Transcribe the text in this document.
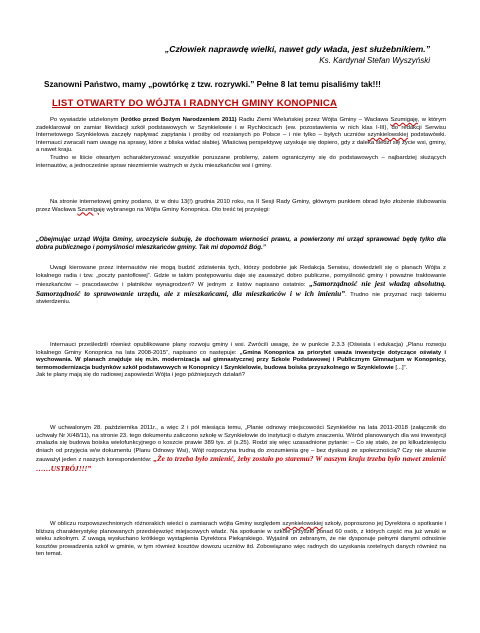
„Człowiek naprawdę wielki, nawet gdy włada, jest służebnikiem.”
Ks. Kardynał Stefan Wyszyński
Szanowni Państwo, mamy „powtórkę z tzw. rozrywki.” Pełne 8 lat temu pisaliśmy tak!!!
LIST OTWARTY DO WÓJTA I RADNYCH GMINY KONOPNICA

Po wywiadzie udzielonym (krótko przed Bożym Narodzeniem 2011) Radiu Ziemi Wieluńskiej przez Wójta Gminy – Wacława Szumigaję, w którym zadeklarował on zamiar likwidacji szkół podstawowych w Szynkielowie i w Rychłocicach (ew. pozostawienia w nich klas I-III), do redakcji Serwisu Internetowego Szynkielowa zaczęły napływać zapytania i prośby od rozsianych po Polsce – i nie tylko – byłych uczniów szynkielowskiej podstawówki. Internauci zwracali nam uwagę na sprawy, które z bliska widać słabiej. Właściwą perspektywę uzyskuje się dopiero, gdy z daleka śledzi się życie wsi, gminy, a nawet kraju.

Trudno w liście otwartym scharakteryzować wszystkie poruszane problemy, zatem ograniczymy się do podstawowych – najbardziej służących internautów, a jednocześnie spraw niezmiernie ważnych w życiu mieszkańców wsi i gminy.

Na stronie internetowej gminy podano, iż w dniu 13(!) grudnia 2010 roku, na II Sesji Rady Gminy, głównym punktem obrad było złożenie ślubowania przez Wacława Szumigaję wybranego na Wójta Gminy Konopnica. Oto treść tej przysięgi:

„Obejmując urząd Wójta Gminy, uroczyście śubuję, że dochowam wierności prawu, a powierzony mi urząd sprawować będę tylko dla dobra publicznego i pomyślności mieszkańców gminy. Tak mi dopomóż Bóg.”

Uwagi kierowane przez internautów nie mogą budzić zdziwienia tych, którzy podobnie jak Redakcja Serwisu, dowiedzieli się o planach Wójta z lokalnego radia i tzw. „poczty pantoflowej”. Gdzie w takim postępowaniu daje się zauważyć dobro publiczne, pomyślność gminy i poważne traktowanie mieszkańców – pracodawców i płatników wynagrodzeń? W jednym z listów napisano ostatnio: „Samorządność nie jest władzą absolutną. Samorządność to sprawowanie urzędu, ale z mieszkańcami, dla mieszkańców i w ich imieniu”. Trudno nie przyznać racji takiemu stwierdzeniu.

Internauci prześledzili również opublikowane plany rozwoju gminy i wsi. Zwrócili uwagę, że w punkcie 2.3.3 (Oświata i edukacja) „Planu rozwoju lokalnego Gminy Konopnica na lata 2008-2015”, napisano co następuje: „Gmina Konopnica za priorytet uważa inwestycje dotyczące oświaty i wychowania. W planach znajduje się m.in. modernizacja sal gimnastycznej przy Szkole Podstawowej i Publicznym Gimnazjum w Konopnicy, termomodernizacja budynków szkół podstawowych w Konopnicy i Szynkielowie, budowa boiska przyszkolnego w Szynkielowie [...]”.

Jak te plany mają się do radiowej zapowiedzi Wójta i jego późniejszych działań?

W uchwalonym 28. października 2011r., a więc 2 i pół miesiąca temu, „Planie odnowy miejscowości Szynkielów na lata 2011-2018 (załącznik do uchwały Nr X/48/11), na stronie 23. tego dokumentu zaliczono szkołę w Szynkielowie do instytucji o dużym znaczeniu. Wśród planowanych dla wsi inwestycji znalazła się budowa boiska wielofunkcyjnego o koszcie prawie 389 tys. zł (s.25). Rodzi się więc uzasadnione pytanie: – Co się stało, że po kilkudziesięciu dniach od przyjęcia w/w dokumentu (Planu Odnowy Wsi), Wójt rozpoczyna trudną do zrozumienia grę – bez dyskusji ze społecznością? Czy nie słusznie zauważył jeden z naszych korespondentów: „Że to trzeba było zmienić, żeby zostało po staremu? W naszym kraju trzeba było nawet zmienić ……USTRÓJ!!!”

W obliczu rozpowszechnionych różnorakich wieści o zamiarach wójta Gminy względem szynkielowskiej szkoły, poproszono jej Dyrektora o spotkanie i bliższą charakterystykę planowanych przedsięwzięć miejscowych władz. Na spotkanie w szkole przyszło ponad 60 osób, z których część ma już wnuki w wieku szkolnym. Z uwagą wysłuchano krótkiego wystąpienia Dyrektora Piekąrskiego. Wyjaśnił on zebranym, że nie dysponuje pełnymi danymi odnośnie kosztów prowadzenia szkół w gminie, w tym również kosztów dowozu uczniów itd. Zobowiązano więc radnych do uzyskania rzetelnych danych również na ten temat.
